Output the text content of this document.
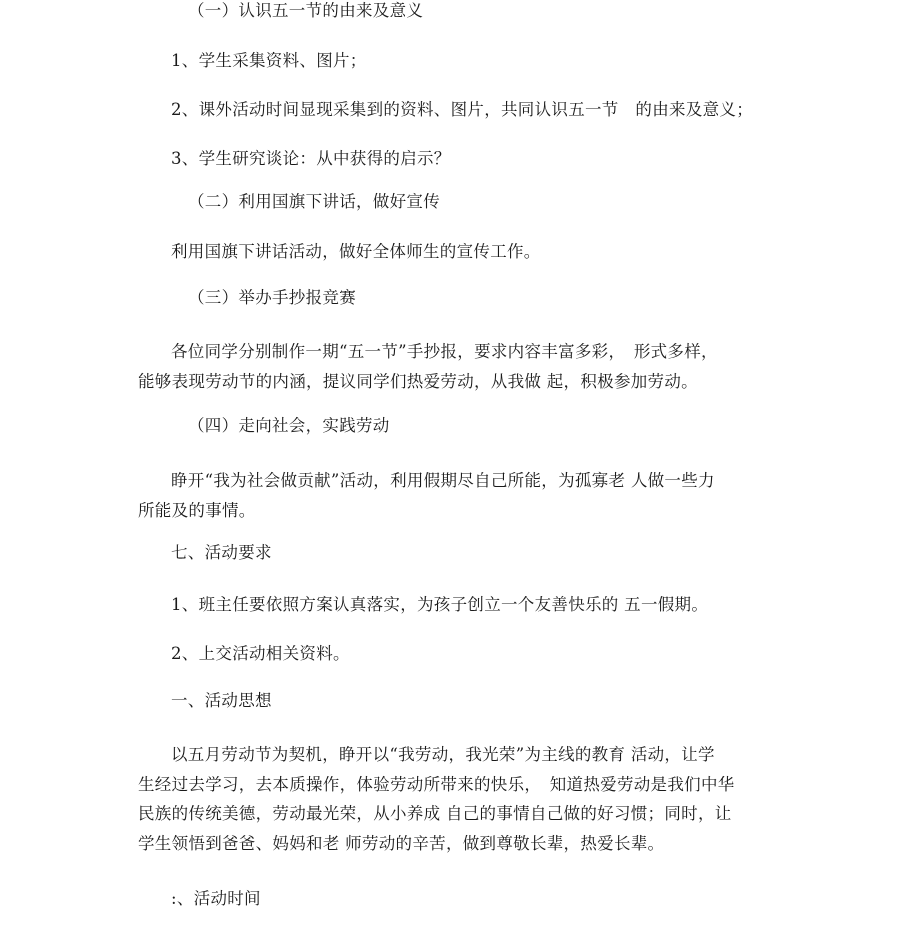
（一）认识五一节的由来及意义
1、学生采集资料、图片；
2、课外活动时间显现采集到的资料、图片，共同认识五一节　的由来及意义；
3、学生研究谈论：从中获得的启示？
（二）利用国旗下讲话，做好宣传
利用国旗下讲话活动，做好全体师生的宣传工作。
（三）举办手抄报竞赛
各位同学分别制作一期“五一节”手抄报，要求内容丰富多彩，　形式多样，
能够表现劳动节的内涵，提议同学们热爱劳动，从我做 起，积极参加劳动。
（四）走向社会，实践劳动
睁开“我为社会做贡献”活动，利用假期尽自己所能，为孤寡老 人做一些力
所能及的事情。
七、活动要求
1、班主任要依照方案认真落实，为孩子创立一个友善快乐的 五一假期。
2、上交活动相关资料。
一、活动思想
以五月劳动节为契机，睁开以“我劳动，我光荣”为主线的教育 活动，让学
生经过去学习，去本质操作，体验劳动所带来的快乐，　知道热爱劳动是我们中华
民族的传统美德，劳动最光荣，从小养成 自己的事情自己做的好习惯；同时，让
学生领悟到爸爸、妈妈和老 师劳动的辛苦，做到尊敬长辈，热爱长辈。
:、活动时间
